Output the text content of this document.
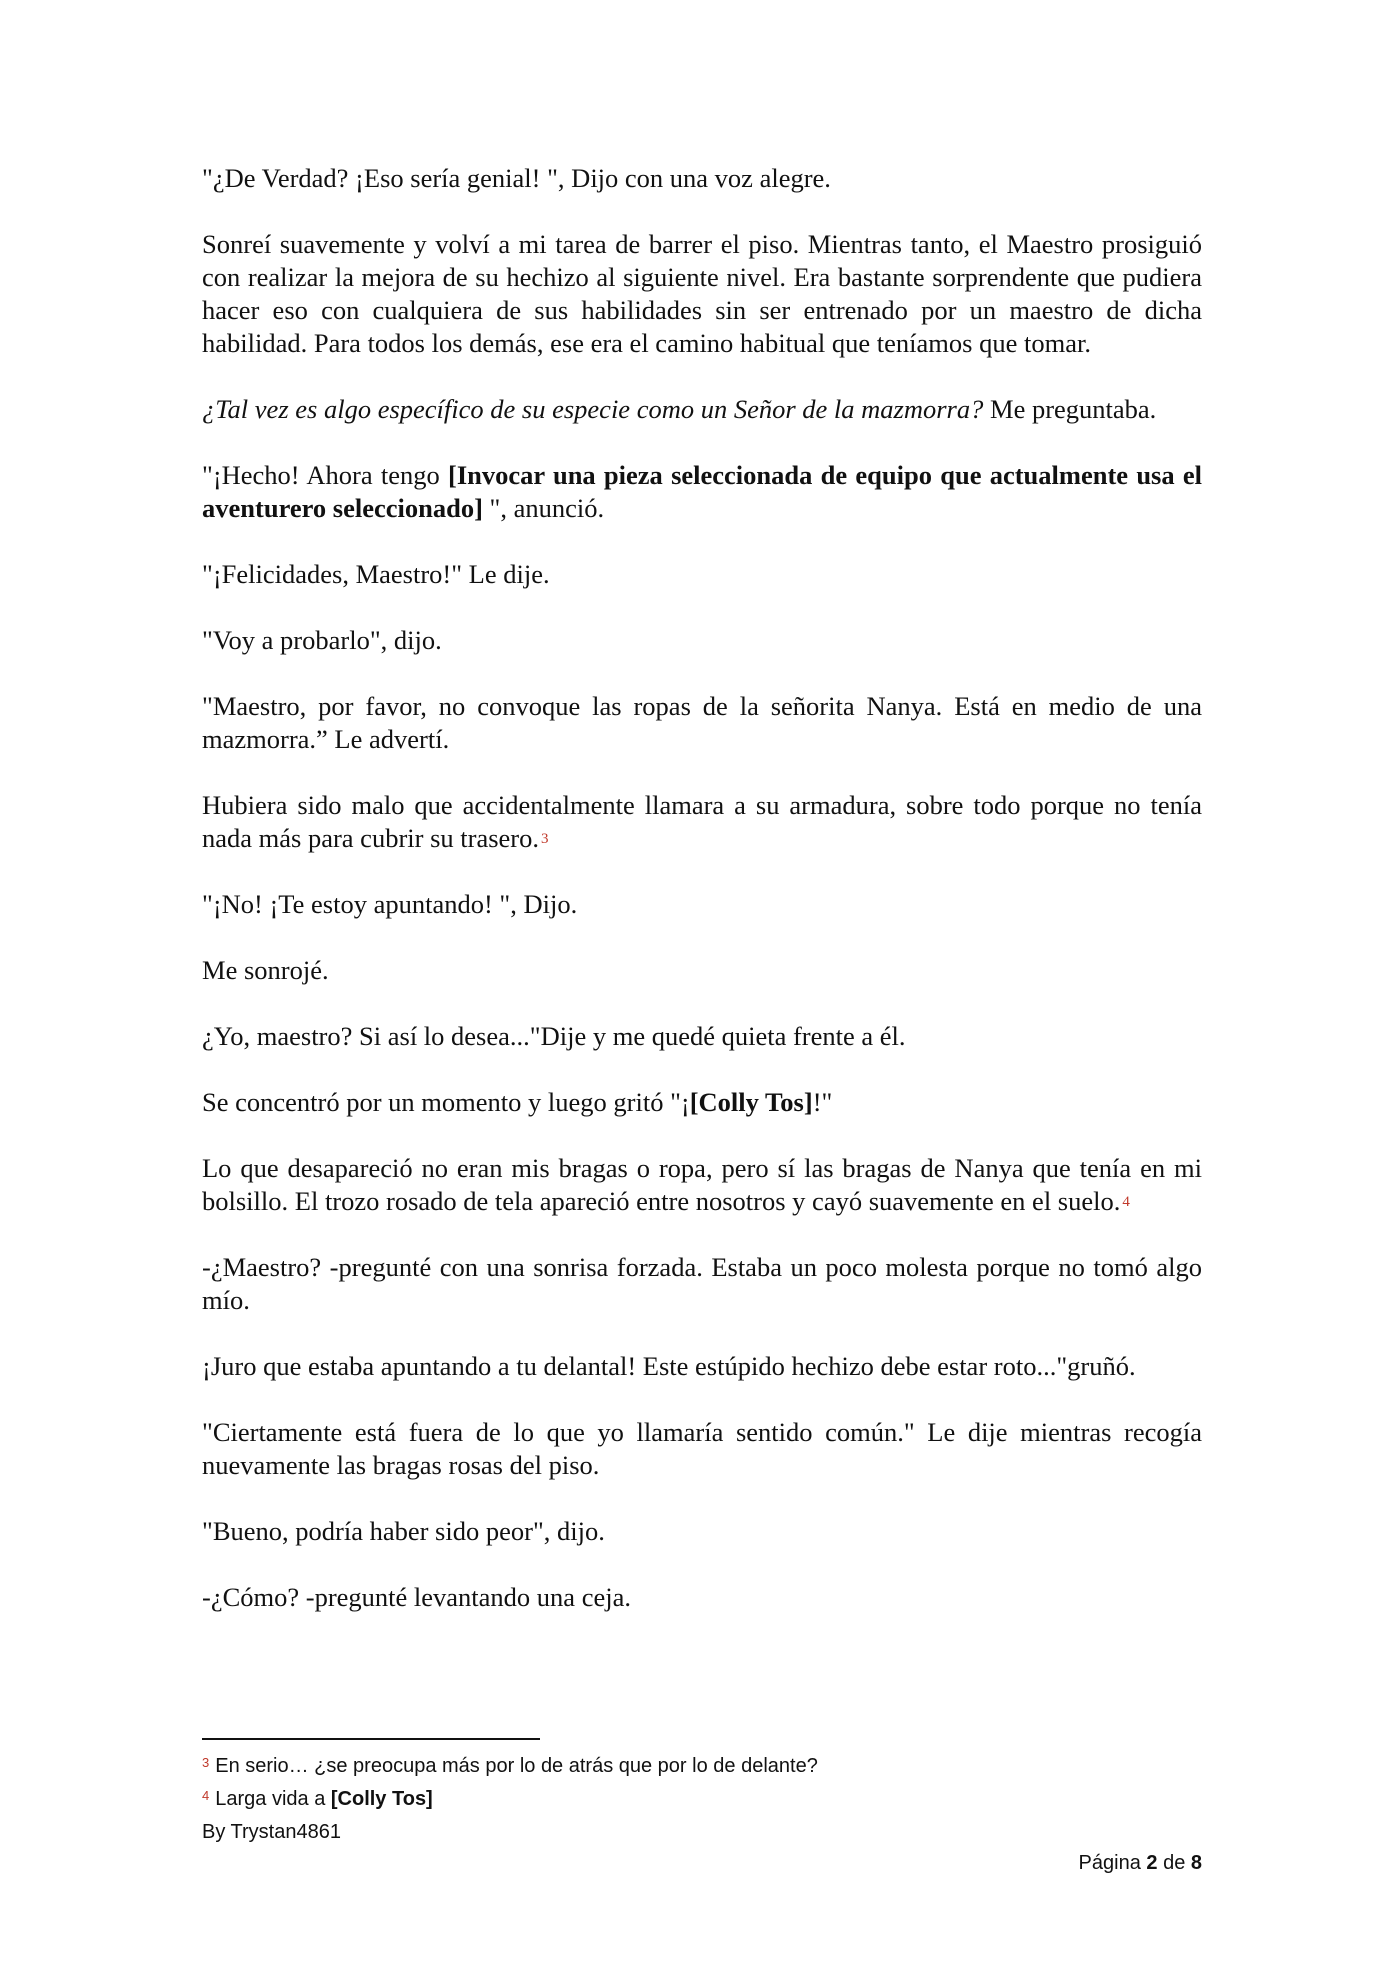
"¿De Verdad? ¡Eso sería genial! ", Dijo con una voz alegre.

Sonreí suavemente y volví a mi tarea de barrer el piso. Mientras tanto, el Maestro prosiguió con realizar la mejora de su hechizo al siguiente nivel. Era bastante sorprendente que pudiera hacer eso con cualquiera de sus habilidades sin ser entrenado por un maestro de dicha habilidad. Para todos los demás, ese era el camino habitual que teníamos que tomar.

¿Tal vez es algo específico de su especie como un Señor de la mazmorra? Me preguntaba.

"¡Hecho! Ahora tengo [Invocar una pieza seleccionada de equipo que actualmente usa el aventurero seleccionado] ", anunció.

"¡Felicidades, Maestro!" Le dije.

"Voy a probarlo", dijo.

"Maestro, por favor, no convoque las ropas de la señorita Nanya. Está en medio de una mazmorra.” Le advertí.

Hubiera sido malo que accidentalmente llamara a su armadura, sobre todo porque no tenía nada más para cubrir su trasero. $^3$

"¡No! ¡Te estoy apuntando! ", Dijo.

Me sonrojé.

¿Yo, maestro? Si así lo desea..."Dije y me quedé quieta frente a él.

Se concentró por un momento y luego gritó "¡[Colly Tos]!"

Lo que desapareció no eran mis bragas o ropa, pero sí las bragas de Nanya que tenía en mi bolsillo. El trozo rosado de tela apareció entre nosotros y cayó suavemente en el suelo. $^4$

-¿Maestro? -pregunté con una sonrisa forzada. Estaba un poco molesta porque no tomó algo mío.

¡Juro que estaba apuntando a tu delantal! Este estúpido hechizo debe estar roto..."gruñó.

"Ciertamente está fuera de lo que yo llamaría sentido común." Le dije mientras recogía nuevamente las bragas rosas del piso.

"Bueno, podría haber sido peor", dijo.

-¿Cómo? -pregunté levantando una ceja.

$^3$ En serio… ¿se preocupa más por lo de atrás que por lo de delante?
$^4$ Larga vida a [Colly Tos]
By Trystan4861
Página 2 de 8
